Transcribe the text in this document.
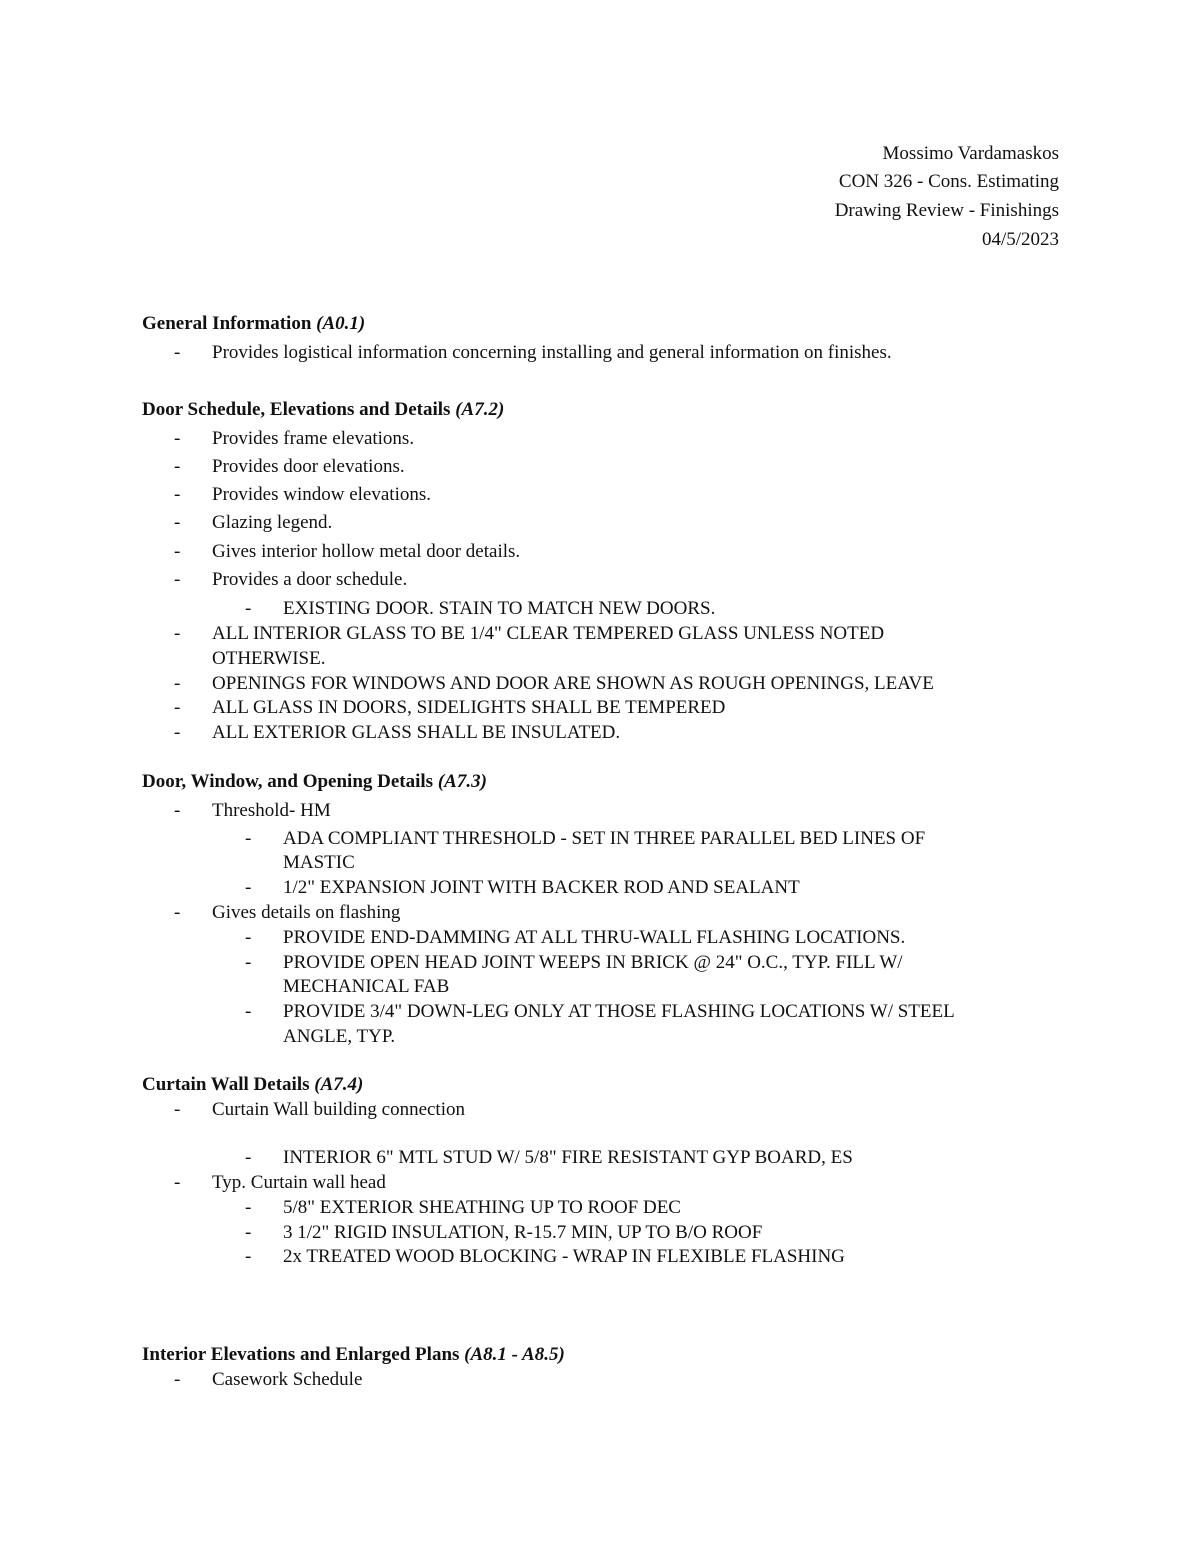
Mossimo Vardamaskos
CON 326 - Cons. Estimating
Drawing Review - Finishings
04/5/2023
General Information (A0.1)
- Provides logistical information concerning installing and general information on finishes.
Door Schedule, Elevations and Details (A7.2)
- Provides frame elevations.
- Provides door elevations.
- Provides window elevations.
- Glazing legend.
- Gives interior hollow metal door details.
- Provides a door schedule.
- EXISTING DOOR. STAIN TO MATCH NEW DOORS.
- ALL INTERIOR GLASS TO BE 1/4" CLEAR TEMPERED GLASS UNLESS NOTED
OTHERWISE.
- OPENINGS FOR WINDOWS AND DOOR ARE SHOWN AS ROUGH OPENINGS, LEAVE
- ALL GLASS IN DOORS, SIDELIGHTS SHALL BE TEMPERED
- ALL EXTERIOR GLASS SHALL BE INSULATED.
Door, Window, and Opening Details (A7.3)
- Threshold- HM
- ADA COMPLIANT THRESHOLD - SET IN THREE PARALLEL BED LINES OF
MASTIC
- 1/2" EXPANSION JOINT WITH BACKER ROD AND SEALANT
- Gives details on flashing
- PROVIDE END-DAMMING AT ALL THRU-WALL FLASHING LOCATIONS.
- PROVIDE OPEN HEAD JOINT WEEPS IN BRICK @ 24" O.C., TYP. FILL W/
MECHANICAL FAB
- PROVIDE 3/4" DOWN-LEG ONLY AT THOSE FLASHING LOCATIONS W/ STEEL
ANGLE, TYP.
Curtain Wall Details (A7.4)
- Curtain Wall building connection
- INTERIOR 6" MTL STUD W/ 5/8" FIRE RESISTANT GYP BOARD, ES
- Typ. Curtain wall head
- 5/8" EXTERIOR SHEATHING UP TO ROOF DEC
- 3 1/2" RIGID INSULATION, R-15.7 MIN, UP TO B/O ROOF
- 2x TREATED WOOD BLOCKING - WRAP IN FLEXIBLE FLASHING
Interior Elevations and Enlarged Plans (A8.1 - A8.5)
- Casework Schedule
